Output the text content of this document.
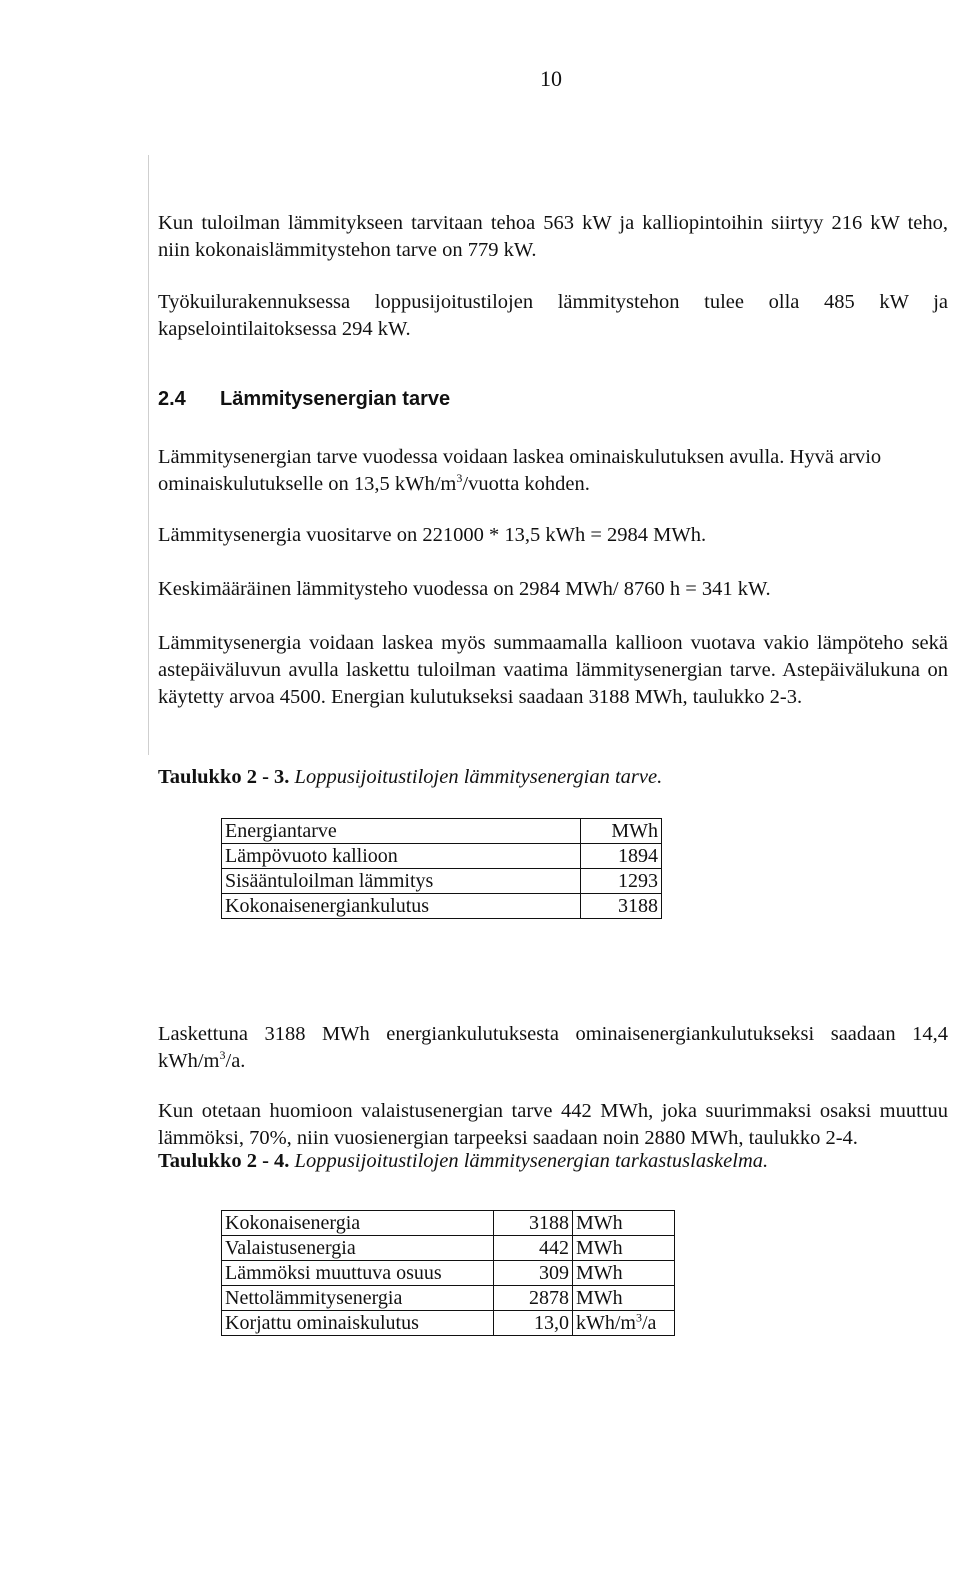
10

Kun tuloilman lämmitykseen tarvitaan tehoa 563 kW ja kalliopintoihin siirtyy 216 kW teho, niin kokonaislämmitystehon tarve on 779 kW.

Työkuilurakennuksessa loppusijoitustilojen lämmitystehon tulee olla 485 kW ja kapselointilaitoksessa 294 kW.

2.4 Lämmitysenergian tarve

Lämmitysenergian tarve vuodessa voidaan laskea ominaiskulutuksen avulla. Hyvä arvio ominaiskulutukselle on 13,5 kWh/$m^3$/vuotta kohden.

Lämmitysenergia vuositarve on 221000 * 13,5 kWh = 2984 MWh.

Keskimääräinen lämmitysteho vuodessa on 2984 MWh/ 8760 h = 341 kW.

Lämmitysenergia voidaan laskea myös summaamalla kallioon vuotava vakio lämpöteho sekä astepäiväluvun avulla laskettu tuloilman vaatima lämmitysenergian tarve. Astepäivälukuna on käytetty arvoa 4500. Energian kulutukseksi saadaan 3188 MWh, taulukko 2-3.

Taulukko 2 - 3. Loppusijoitustilojen lämmitysenergian tarve.

Energiantarve	MWh
Lämpövuoto kallioon	1894
Sisääntuloilman lämmitys	1293
Kokonaisenergiankulutus	3188

Laskettuna 3188 MWh energiankulutuksesta ominaisenergiankulutukseksi saadaan 14,4 kWh/$m^3/a$.

Kun otetaan huomioon valaistusenergian tarve 442 MWh, joka suurimmaksi osaksi muuttuu lämmöksi, 70%, niin vuosienergian tarpeeksi saadaan noin 2880 MWh, taulukko 2-4.

Taulukko 2 - 4. Loppusijoitustilojen lämmitysenergian tarkastuslaskelma.

Kokonaisenergia	3188	MWh
Valaistusenergia	442	MWh
Lämmöksi muuttuva osuus	309	MWh
Nettolämmitysenergia	2878	MWh
Korjattu ominaiskulutus	13,0	kWh/$m^3/a$
